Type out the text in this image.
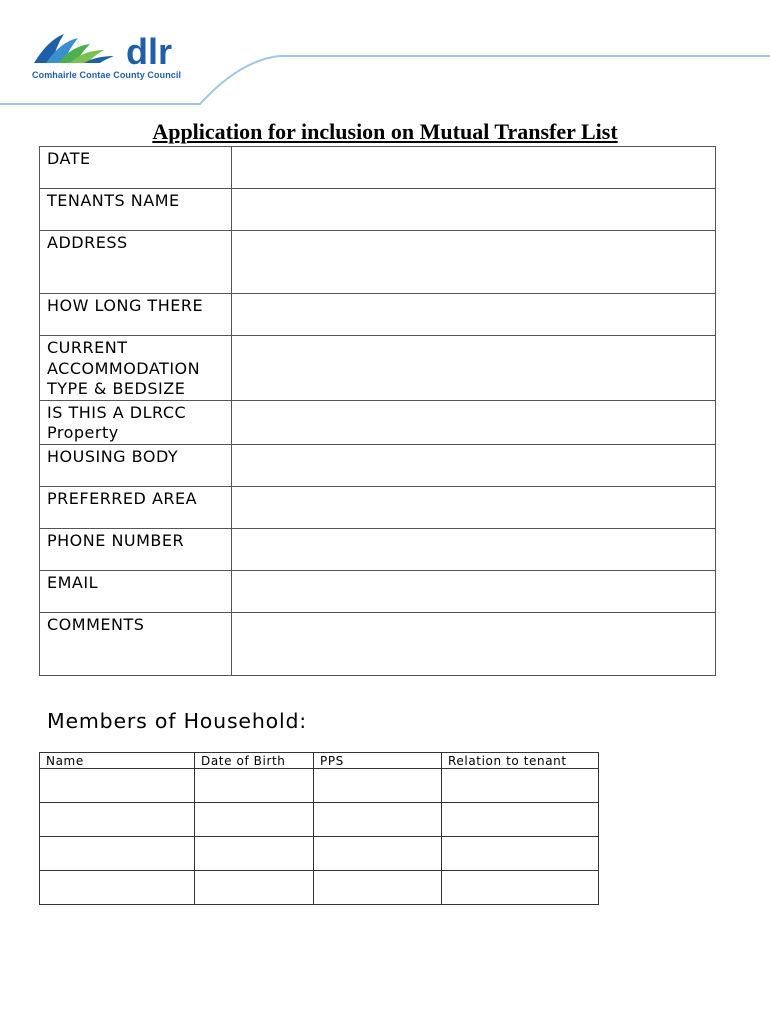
dlr
Comhairle Contae County Council
Application for inclusion on Mutual Transfer List
DATE	
TENANTS NAME	
ADDRESS	
HOW LONG THERE	
CURRENT ACCOMMODATION TYPE & BEDSIZE	
IS THIS A DLRCC Property	
HOUSING BODY	
PREFERRED AREA	
PHONE NUMBER	
EMAIL	
COMMENTS	
Members of Household:
Name	Date of Birth	PPS	Relation to tenant
